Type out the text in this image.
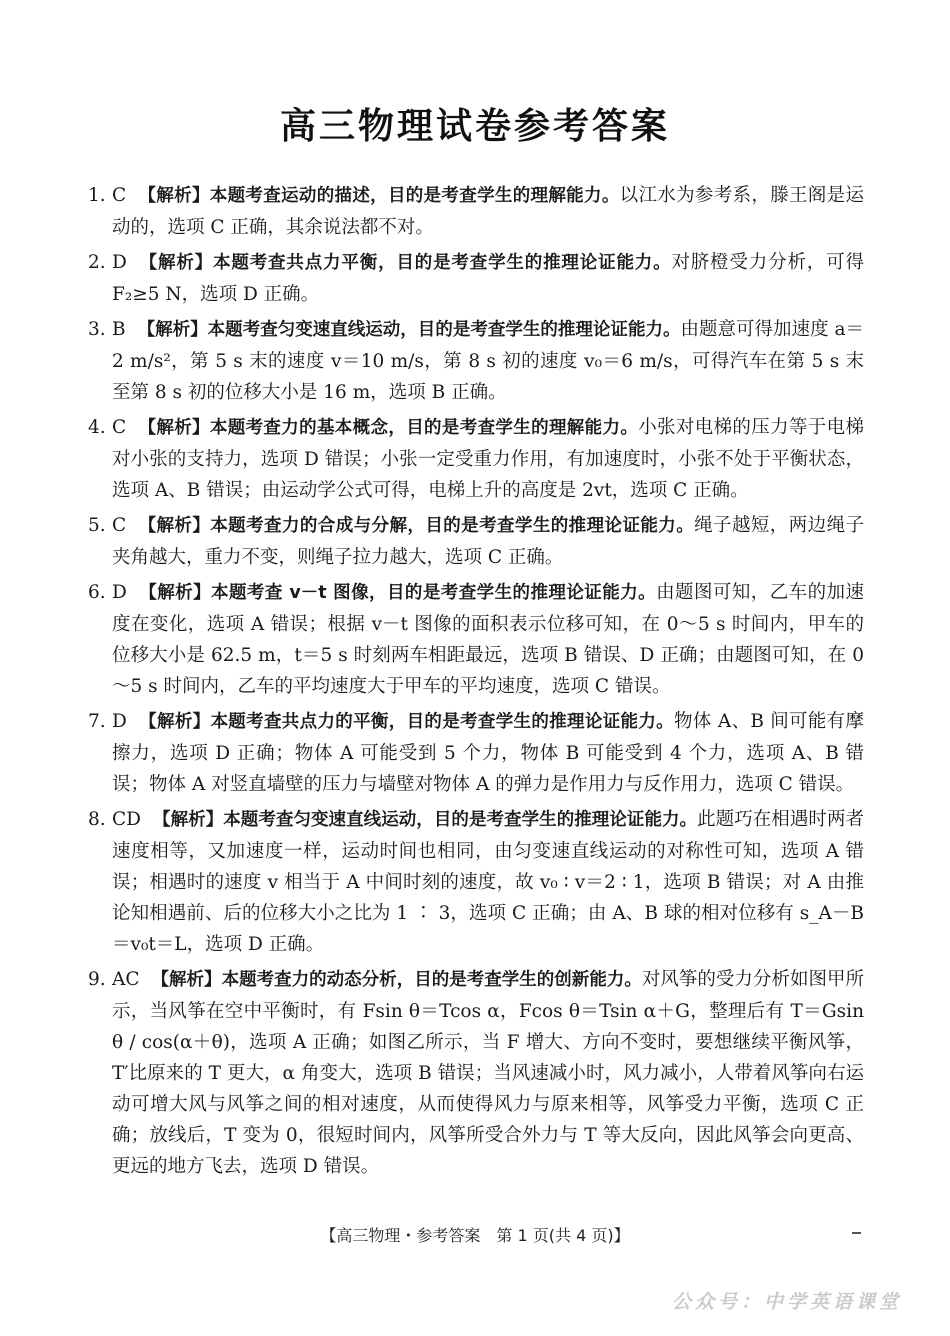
高三物理试卷参考答案
1. C 【解析】本题考查运动的描述，目的是考查学生的理解能力。以江水为参考系，滕王阁是运动的，选项 C 正确，其余说法都不对。
2. D 【解析】本题考查共点力平衡，目的是考查学生的推理论证能力。对脐橙受力分析，可得 F₂≥5 N，选项 D 正确。
3. B 【解析】本题考查匀变速直线运动，目的是考查学生的推理论证能力。由题意可得加速度 a＝2 m/s²，第 5 s 末的速度 v＝10 m/s，第 8 s 初的速度 v₀＝6 m/s，可得汽车在第 5 s 末至第 8 s 初的位移大小是 16 m，选项 B 正确。
4. C 【解析】本题考查力的基本概念，目的是考查学生的理解能力。小张对电梯的压力等于电梯对小张的支持力，选项 D 错误；小张一定受重力作用，有加速度时，小张不处于平衡状态，选项 A、B 错误；由运动学公式可得，电梯上升的高度是 2vt，选项 C 正确。
5. C 【解析】本题考查力的合成与分解，目的是考查学生的推理论证能力。绳子越短，两边绳子夹角越大，重力不变，则绳子拉力越大，选项 C 正确。
6. D 【解析】本题考查 v－t 图像，目的是考查学生的推理论证能力。由题图可知，乙车的加速度在变化，选项 A 错误；根据 v－t 图像的面积表示位移可知，在 0～5 s 时间内，甲车的位移大小是 62.5 m，t＝5 s 时刻两车相距最远，选项 B 错误、D 正确；由题图可知，在 0～5 s 时间内，乙车的平均速度大于甲车的平均速度，选项 C 错误。
7. D 【解析】本题考查共点力的平衡，目的是考查学生的推理论证能力。物体 A、B 间可能有摩擦力，选项 D 正确；物体 A 可能受到 5 个力，物体 B 可能受到 4 个力，选项 A、B 错误；物体 A 对竖直墙壁的压力与墙壁对物体 A 的弹力是作用力与反作用力，选项 C 错误。
8. CD 【解析】本题考查匀变速直线运动，目的是考查学生的推理论证能力。此题巧在相遇时两者速度相等，又加速度一样，运动时间也相同，由匀变速直线运动的对称性可知，选项 A 错误；相遇时的速度 v 相当于 A 中间时刻的速度，故 v₀ ∶ v＝2 ∶ 1，选项 B 错误；对 A 由推论知相遇前、后的位移大小之比为 1 ∶ 3，选项 C 正确；由 A、B 球的相对位移有 s_A－B＝v₀t＝L，选项 D 正确。
9. AC 【解析】本题考查力的动态分析，目的是考查学生的创新能力。对风筝的受力分析如图甲所示，当风筝在空中平衡时，有 Fsin θ＝Tcos α，Fcos θ＝Tsin α＋G，整理后有 T＝Gsin θ / cos(α＋θ)，选项 A 正确；如图乙所示，当 F 增大、方向不变时，要想继续平衡风筝，T′比原来的 T 更大，α 角变大，选项 B 错误；当风速减小时，风力减小，人带着风筝向右运动可增大风与风筝之间的相对速度，从而使得风力与原来相等，风筝受力平衡，选项 C 正确；放线后，T 变为 0，很短时间内，风筝所受合外力与 T 等大反向，因此风筝会向更高、更远的地方飞去，选项 D 错误。
【高三物理・参考答案　第 1 页(共 4 页)】
公众号：中学英语课堂
